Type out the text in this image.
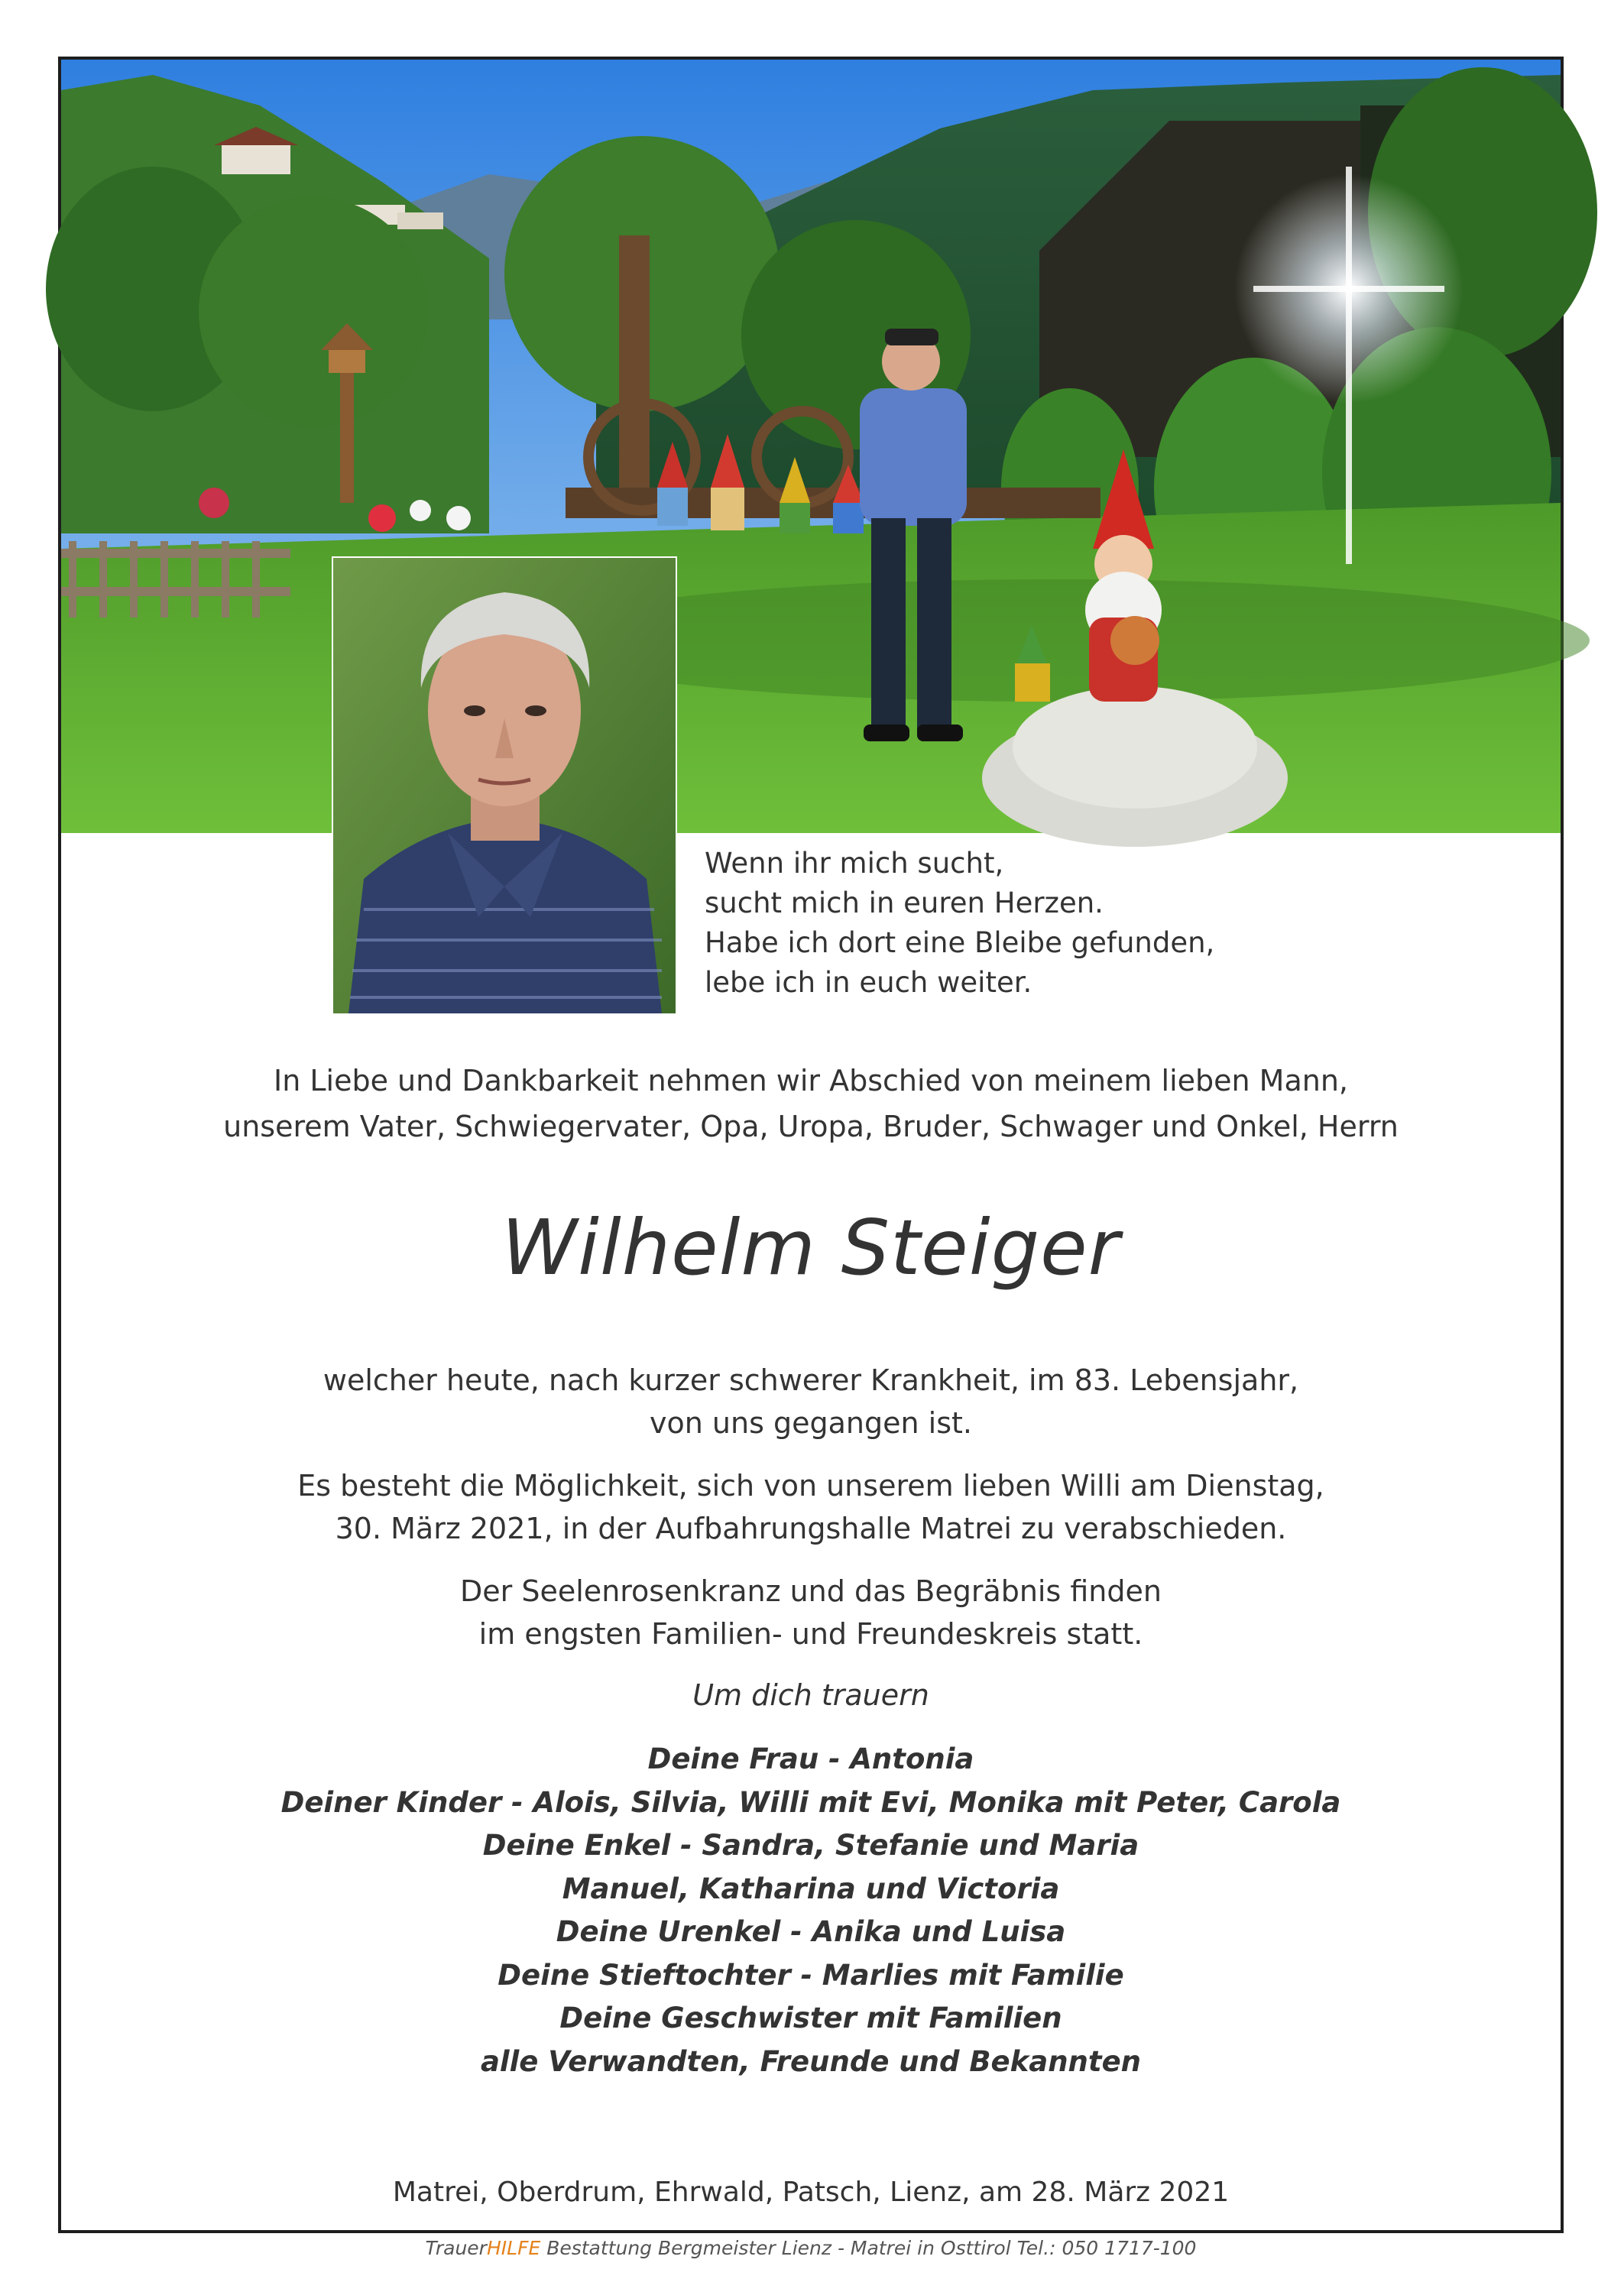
Wenn ihr mich sucht,
sucht mich in euren Herzen.
Habe ich dort eine Bleibe gefunden,
lebe ich in euch weiter.
In Liebe und Dankbarkeit nehmen wir Abschied von meinem lieben Mann,
unserem Vater, Schwiegervater, Opa, Uropa, Bruder, Schwager und Onkel, Herrn
Wilhelm Steiger
welcher heute, nach kurzer schwerer Krankheit, im 83. Lebensjahr,
von uns gegangen ist.
Es besteht die Möglichkeit, sich von unserem lieben Willi am Dienstag,
30. März 2021, in der Aufbahrungshalle Matrei zu verabschieden.
Der Seelenrosenkranz und das Begräbnis finden
im engsten Familien- und Freundeskreis statt.
Um dich trauern
Deine Frau - Antonia
Deiner Kinder - Alois, Silvia, Willi mit Evi, Monika mit Peter, Carola
Deine Enkel - Sandra, Stefanie und Maria
Manuel, Katharina und Victoria
Deine Urenkel - Anika und Luisa
Deine Stieftochter - Marlies mit Familie
Deine Geschwister mit Familien
alle Verwandten, Freunde und Bekannten
Matrei, Oberdrum, Ehrwald, Patsch, Lienz, am 28. März 2021
TrauerHILFE Bestattung Bergmeister Lienz - Matrei in Osttirol Tel.: 050 1717-100
